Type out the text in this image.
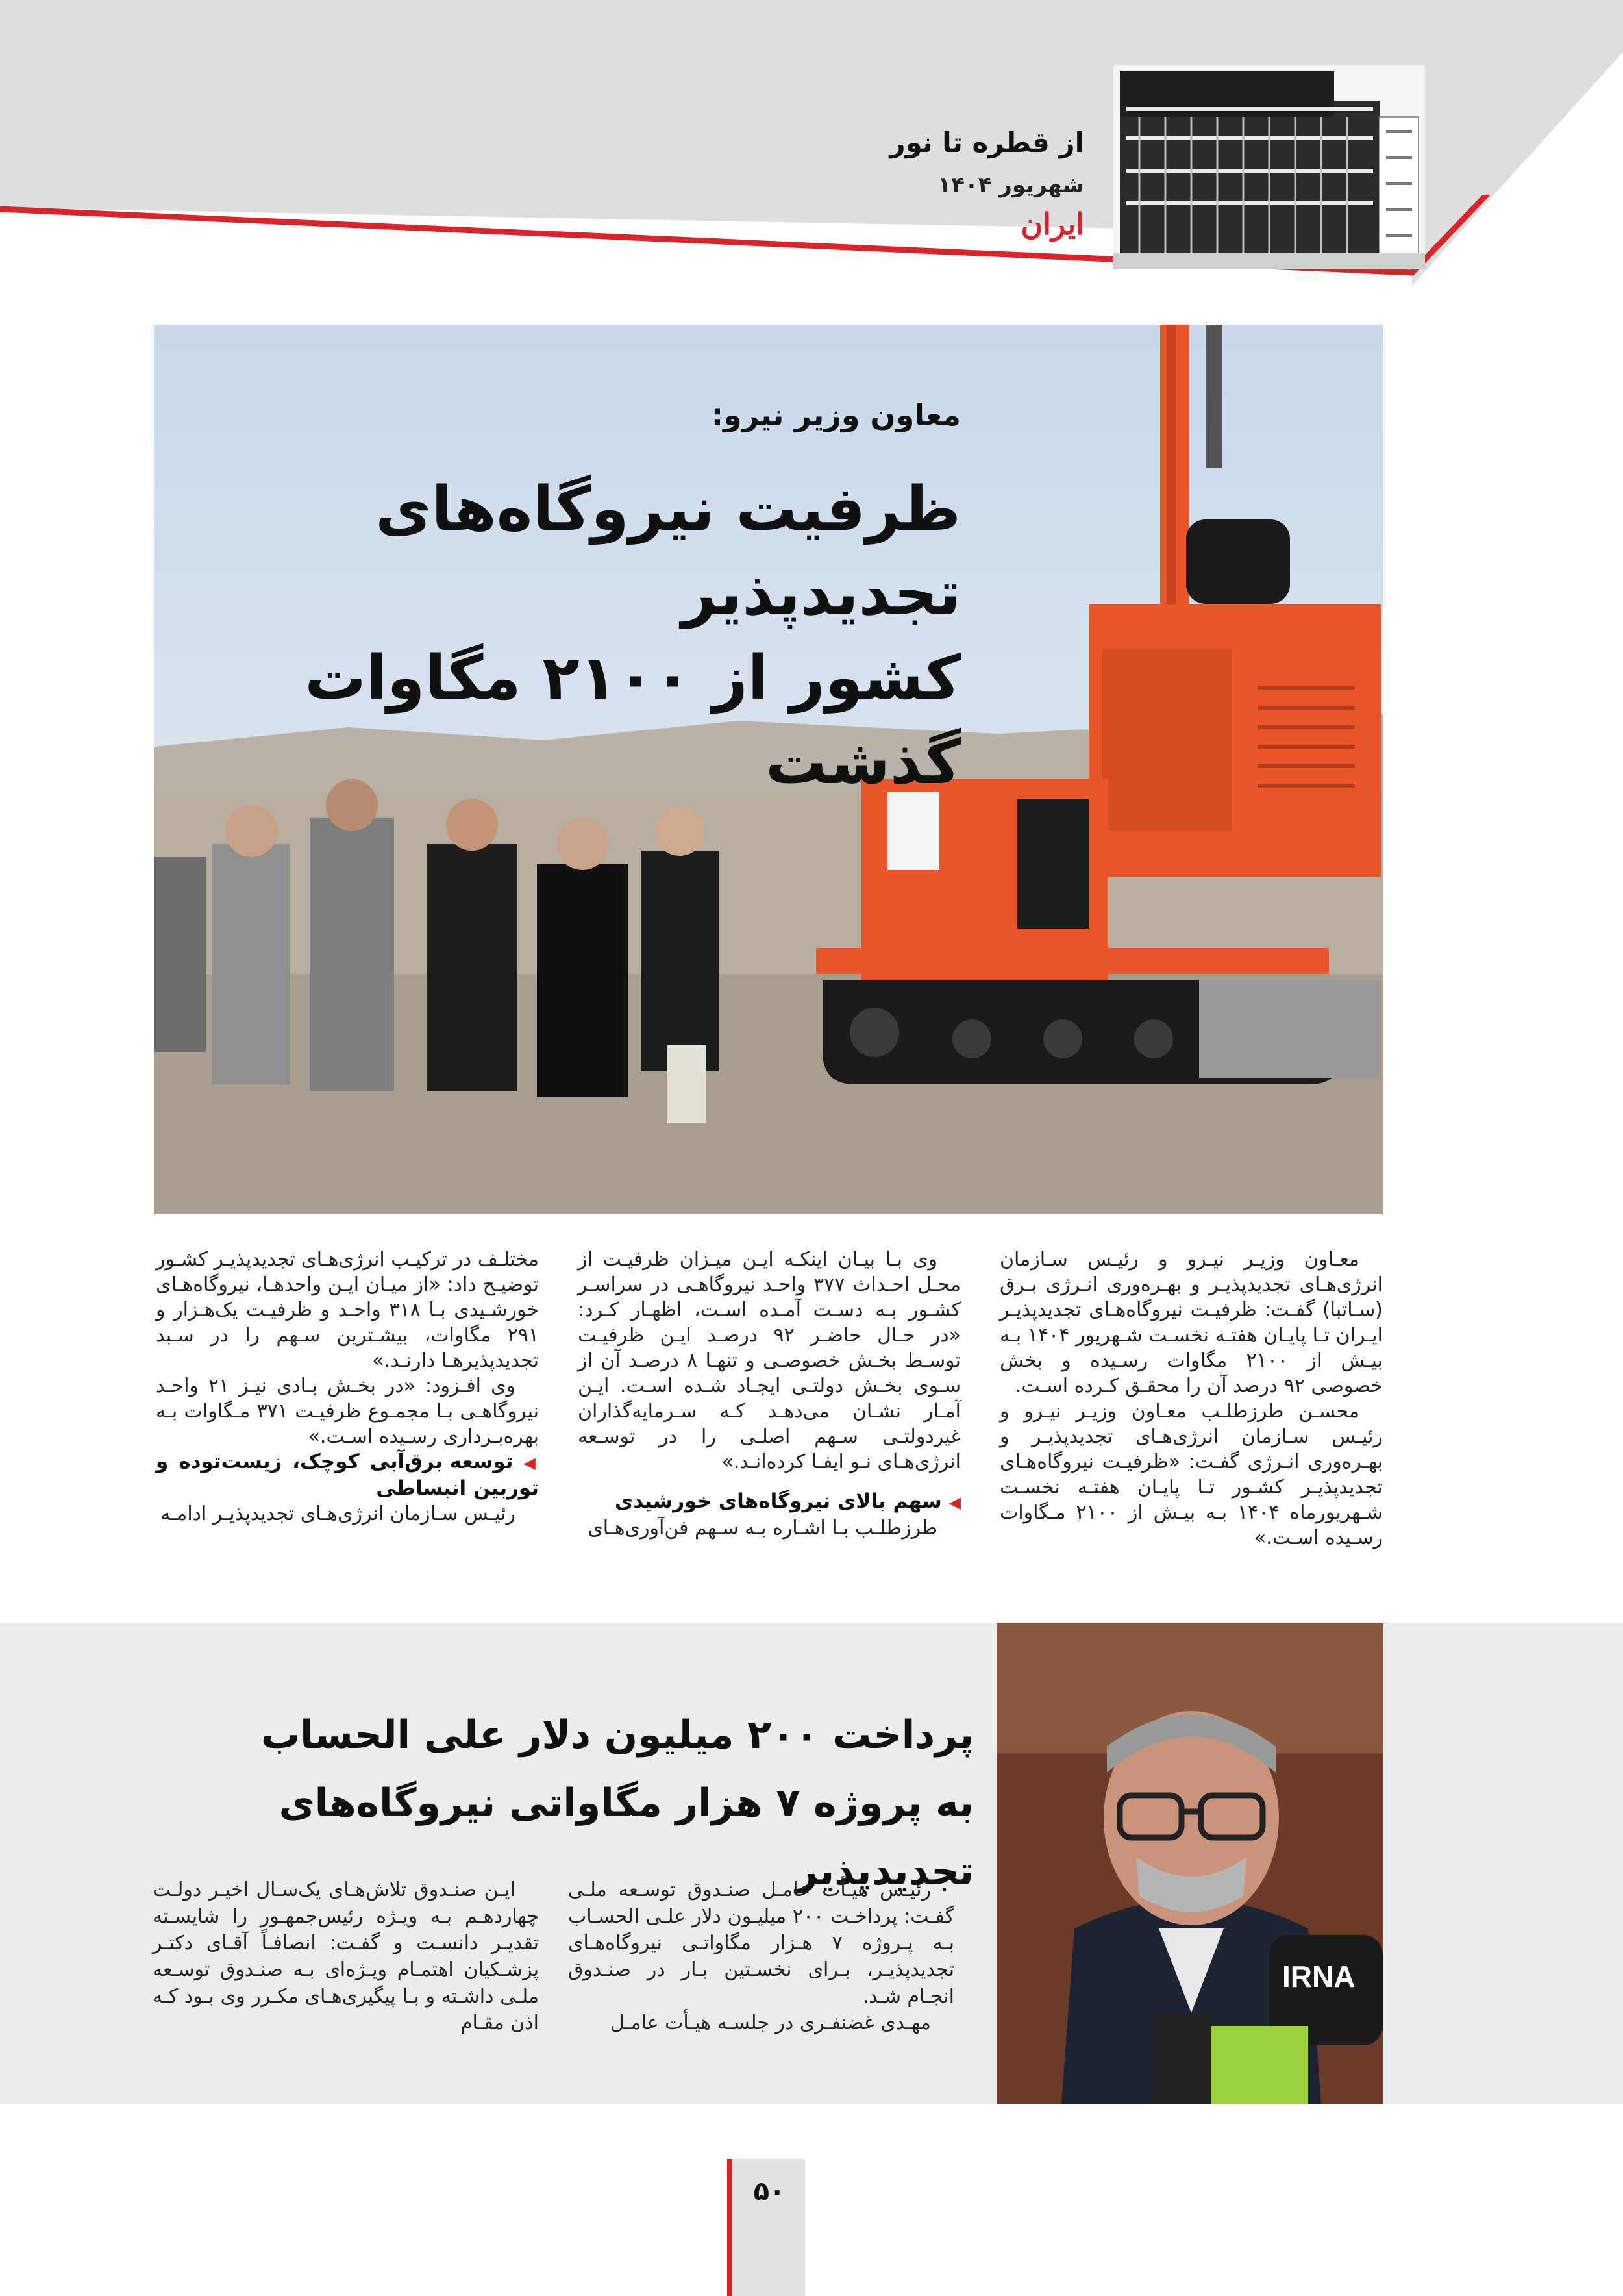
از قطره تا نور
شهریور ۱۴۰۴
ایران
معاون وزیر نیرو:
ظرفیت نیروگاه‌های تجدیدپذیر
کشور از ۲۱۰۰ مگاوات گذشت

معـاون وزیـر نیـرو و رئیـس سـازمان انرژی‌هـای تجدیدپذیـر و بهـره‌وری انـرژی بـرق (سـاتبا) گفـت: ظرفیـت نیروگاه‌هـای تجدیدپذیـر ایـران تـا پایـان هفتـه نخسـت شـهریور ۱۴۰۴ بـه بیـش از ۲۱۰۰ مگاوات رسـیده و بخش خصوصی ۹۲ درصد آن را محقـق کـرده اسـت.

محسـن طرزطلـب معـاون وزیـر نیـرو و رئیـس سـازمان انرژی‌هـای تجدیدپذیـر و بهـره‌وری انـرژی گفـت: «ظرفیـت نیروگاه‌هـای تجدیدپذیـر کشـور تـا پایـان هفتـه نخسـت شـهریورماه ۱۴۰۴ بـه بیـش از ۲۱۰۰ مـگاوات رسـیده اسـت.»

وی بـا بیـان اینکـه ایـن میـزان ظرفیـت از محـل احـداث ۳۷۷ واحـد نیروگاهـی در سراسـر کشـور بـه دسـت آمـده اسـت، اظهـار کـرد: «در حـال حاضـر ۹۲ درصـد ایـن ظرفیـت توسـط بخـش خصوصـی و تنهـا ۸ درصـد آن از سـوی بخـش دولتـی ایجـاد شـده اسـت. ایـن آمـار نشـان می‌دهـد کـه سـرمایه‌گذاران غیردولتـی سـهم اصلـی را در توسـعه انرژی‌هـای نـو ایفـا کرده‌انـد.»

◀ سهم بالای نیروگاه‌های خورشیدی

طرزطلـب بـا اشـاره بـه سـهم فن‌آوری‌هـای

مختلـف در ترکیـب انرژی‌هـای تجدیدپذیـر کشـور توضیـح داد: «از میـان ایـن واحدهـا، نیروگاه‌هـای خورشـیدی بـا ۳۱۸ واحـد و ظرفیـت یک‌هـزار و ۲۹۱ مگاوات، بیشـترین سـهم را در سـبد تجدیدپذیرهـا دارنـد.»

وی افـزود: «در بخـش بـادی نیـز ۲۱ واحـد نیروگاهـی بـا مجمـوع ظرفیـت ۳۷۱ مـگاوات بـه بهره‌بـرداری رسـیده اسـت.»

◀ توسعه برق‌آبی کوچک، زیست‌توده و توربین انبساطی

رئیـس سـازمان انرژی‌هـای تجدیدپذیـر ادامـه

IRNA
پرداخت ۲۰۰ میلیون دلار علی الحساب
به پروژه ۷ هزار مگاواتی نیروگاه‌های تجدیدپذیر

رئیـس هیـأت عامـل صنـدوق توسـعه ملـی گفـت: پرداخـت ۲۰۰ میلیـون دلار علـی الحسـاب بـه پـروژه ۷ هـزار مگاواتـی نیروگاه‌هـای تجدیدپذیـر، بـرای نخسـتین بـار در صنـدوق انجـام شـد.

مهـدی غضنفـری در جلسـه هیـأت عامـل

ایـن صنـدوق تلاش‌هـای یک‌سـال اخیـر دولـت چهاردهـم بـه ویـژه رئیس‌جمهـور را شایسـته تقدیـر دانسـت و گفـت: انصافـاً آقـای دکتـر پزشـکیان اهتمـام ویـژه‌ای بـه صنـدوق توسـعه ملـی داشـته و بـا پیگیری‌هـای مکـرر وی بـود کـه اذن مقـام

۵۰
